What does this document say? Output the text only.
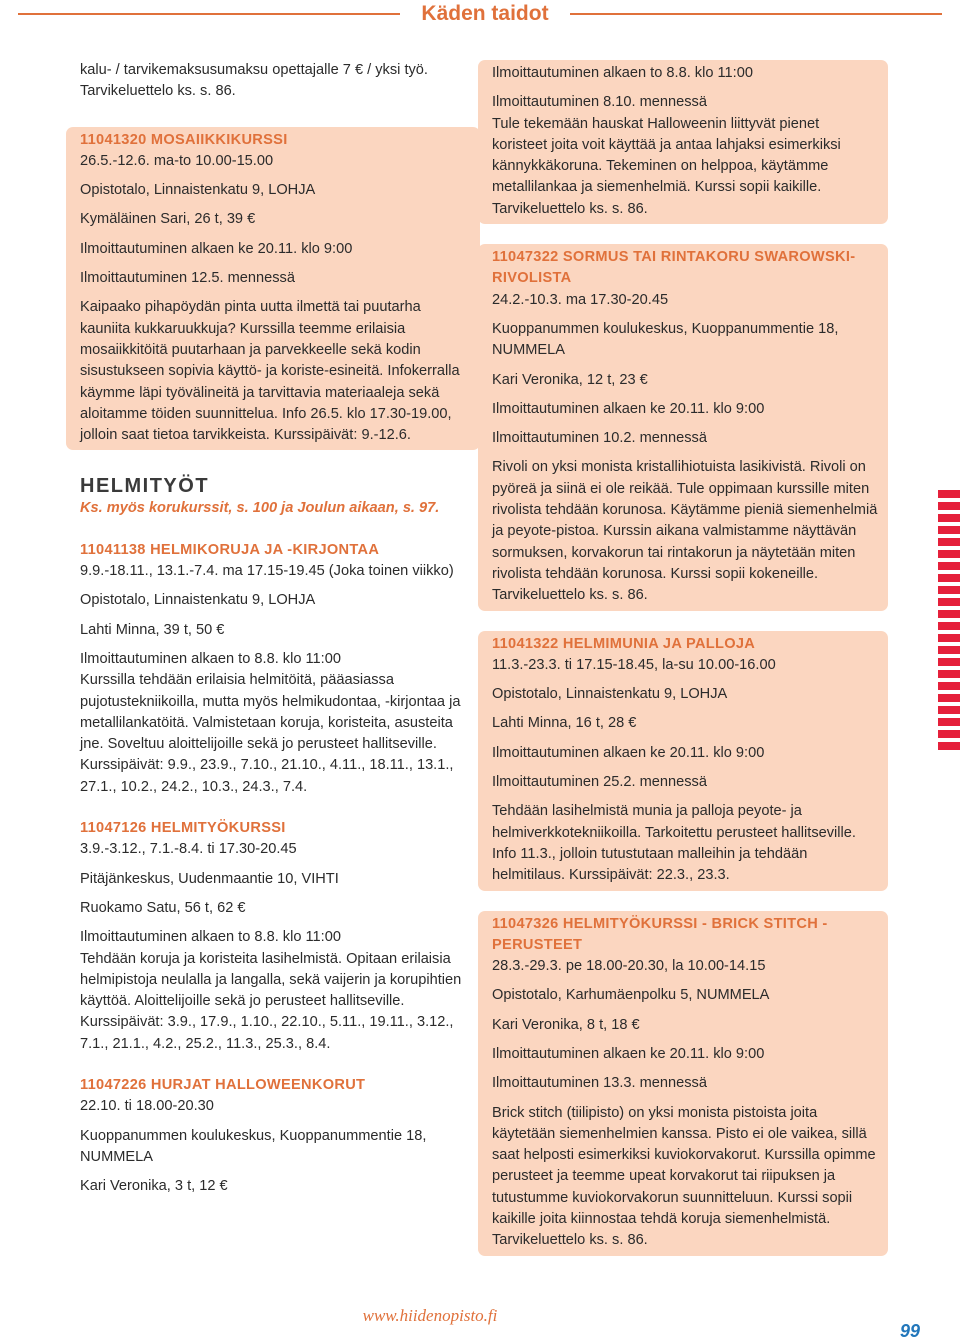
Käden taidot
kalu- / tarvikemaksusumaksu opettajalle 7 € / yksi työ.
Tarvikeluettelo ks. s. 86.
11041320 MOSAIIKKIKURSSI
26.5.-12.6. ma-to 10.00-15.00
Opistotalo, Linnaistenkatu 9, LOHJA
Kymäläinen Sari, 26 t, 39 €
Ilmoittautuminen alkaen ke 20.11. klo 9:00
Ilmoittautuminen 12.5. mennessä
Kaipaako pihapöydän pinta uutta ilmettä tai puutarha kauniita kukkaruukkuja? Kurssilla teemme erilaisia mosaiikkitöitä puutarhaan ja parvekkeelle sekä kodin sisustukseen sopivia käyttö- ja koriste-esineitä. Infokerralla käymme läpi työvälineitä ja tarvittavia materiaaleja sekä aloitamme töiden suunnittelua. Info 26.5. klo 17.30-19.00, jolloin saat tietoa tarvikkeista. Kurssipäivät: 9.-12.6.
HELMITYÖT
Ks. myös korukurssit, s. 100 ja Joulun aikaan, s. 97.
11041138 HELMIKORUJA JA -KIRJONTAA
9.9.-18.11., 13.1.-7.4. ma 17.15-19.45 (Joka toinen viikko)
Opistotalo, Linnaistenkatu 9, LOHJA
Lahti Minna, 39 t, 50 €
Ilmoittautuminen alkaen to 8.8. klo 11:00
Kurssilla tehdään erilaisia helmitöitä, pääasiassa pujotustekniikoilla, mutta myös helmikudontaa, -kirjontaa ja metallilankatöitä. Valmistetaan koruja, koristeita, asusteita jne. Soveltuu aloittelijoille sekä jo perusteet hallitseville. Kurssipäivät: 9.9., 23.9., 7.10., 21.10., 4.11., 18.11., 13.1., 27.1., 10.2., 24.2., 10.3., 24.3., 7.4.
11047126 HELMITYÖKURSSI
3.9.-3.12., 7.1.-8.4. ti 17.30-20.45
Pitäjänkeskus, Uudenmaantie 10, VIHTI
Ruokamo Satu, 56 t, 62 €
Ilmoittautuminen alkaen to 8.8. klo 11:00
Tehdään koruja ja koristeita lasihelmistä. Opitaan erilaisia helmipistoja neulalla ja langalla, sekä vaijerin ja korupihtien käyttöä. Aloittelijoille sekä jo perusteet hallitseville. Kurssipäivät: 3.9., 17.9., 1.10., 22.10., 5.11., 19.11., 3.12., 7.1., 21.1., 4.2., 25.2., 11.3., 25.3., 8.4.
11047226 HURJAT HALLOWEENKORUT
22.10. ti 18.00-20.30
Kuoppanummen koulukeskus, Kuoppanummentie 18, NUMMELA
Kari Veronika, 3 t, 12 €
Ilmoittautuminen alkaen to 8.8. klo 11:00
Ilmoittautuminen 8.10. mennessä
Tule tekemään hauskat Halloweenin liittyvät pienet koristeet joita voit käyttää ja antaa lahjaksi esimerkiksi kännykkäkoruna. Tekeminen on helppoa, käytämme metallilankaa ja siemenhelmiä. Kurssi sopii kaikille. Tarvikeluettelo ks. s. 86.
11047322 SORMUS TAI RINTAKORU SWAROWSKI-RIVOLISTA
24.2.-10.3. ma 17.30-20.45
Kuoppanummen koulukeskus, Kuoppanummentie 18, NUMMELA
Kari Veronika, 12 t, 23 €
Ilmoittautuminen alkaen ke 20.11. klo 9:00
Ilmoittautuminen 10.2. mennessä
Rivoli on yksi monista kristallihiotuista lasikivistä. Rivoli on pyöreä ja siinä ei ole reikää. Tule oppimaan kurssille miten rivolista tehdään korunosa. Käytämme pieniä siemenhelmiä ja peyote-pistoa. Kurssin aikana valmistamme näyttävän sormuksen, korvakorun tai rintakorun ja näytetään miten rivolista tehdään korunosa. Kurssi sopii kokeneille. Tarvikeluettelo ks. s. 86.
11041322 HELMIMUNIA JA PALLOJA
11.3.-23.3. ti 17.15-18.45, la-su 10.00-16.00
Opistotalo, Linnaistenkatu 9, LOHJA
Lahti Minna, 16 t, 28 €
Ilmoittautuminen alkaen ke 20.11. klo 9:00
Ilmoittautuminen 25.2. mennessä
Tehdään lasihelmistä munia ja palloja peyote- ja helmiverkkotekniikoilla. Tarkoitettu perusteet hallitseville. Info 11.3., jolloin tutustutaan malleihin ja tehdään helmitilaus. Kurssipäivät: 22.3., 23.3.
11047326 HELMITYÖKURSSI - BRICK STITCH - PERUSTEET
28.3.-29.3. pe 18.00-20.30, la 10.00-14.15
Opistotalo, Karhumäenpolku 5, NUMMELA
Kari Veronika, 8 t, 18 €
Ilmoittautuminen alkaen ke 20.11. klo 9:00
Ilmoittautuminen 13.3. mennessä
Brick stitch (tiilipisto) on yksi monista pistoista joita käytetään siemenhelmien kanssa. Pisto ei ole vaikea, sillä saat helposti esimerkiksi kuviokorvakorut. Kurssilla opimme perusteet ja teemme upeat korvakorut tai riipuksen ja tutustumme kuviokorvakorun suunnitteluun. Kurssi sopii kaikille joita kiinnostaa tehdä koruja siemenhelmistä. Tarvikeluettelo ks. s. 86.
www.hiidenopisto.fi
99
